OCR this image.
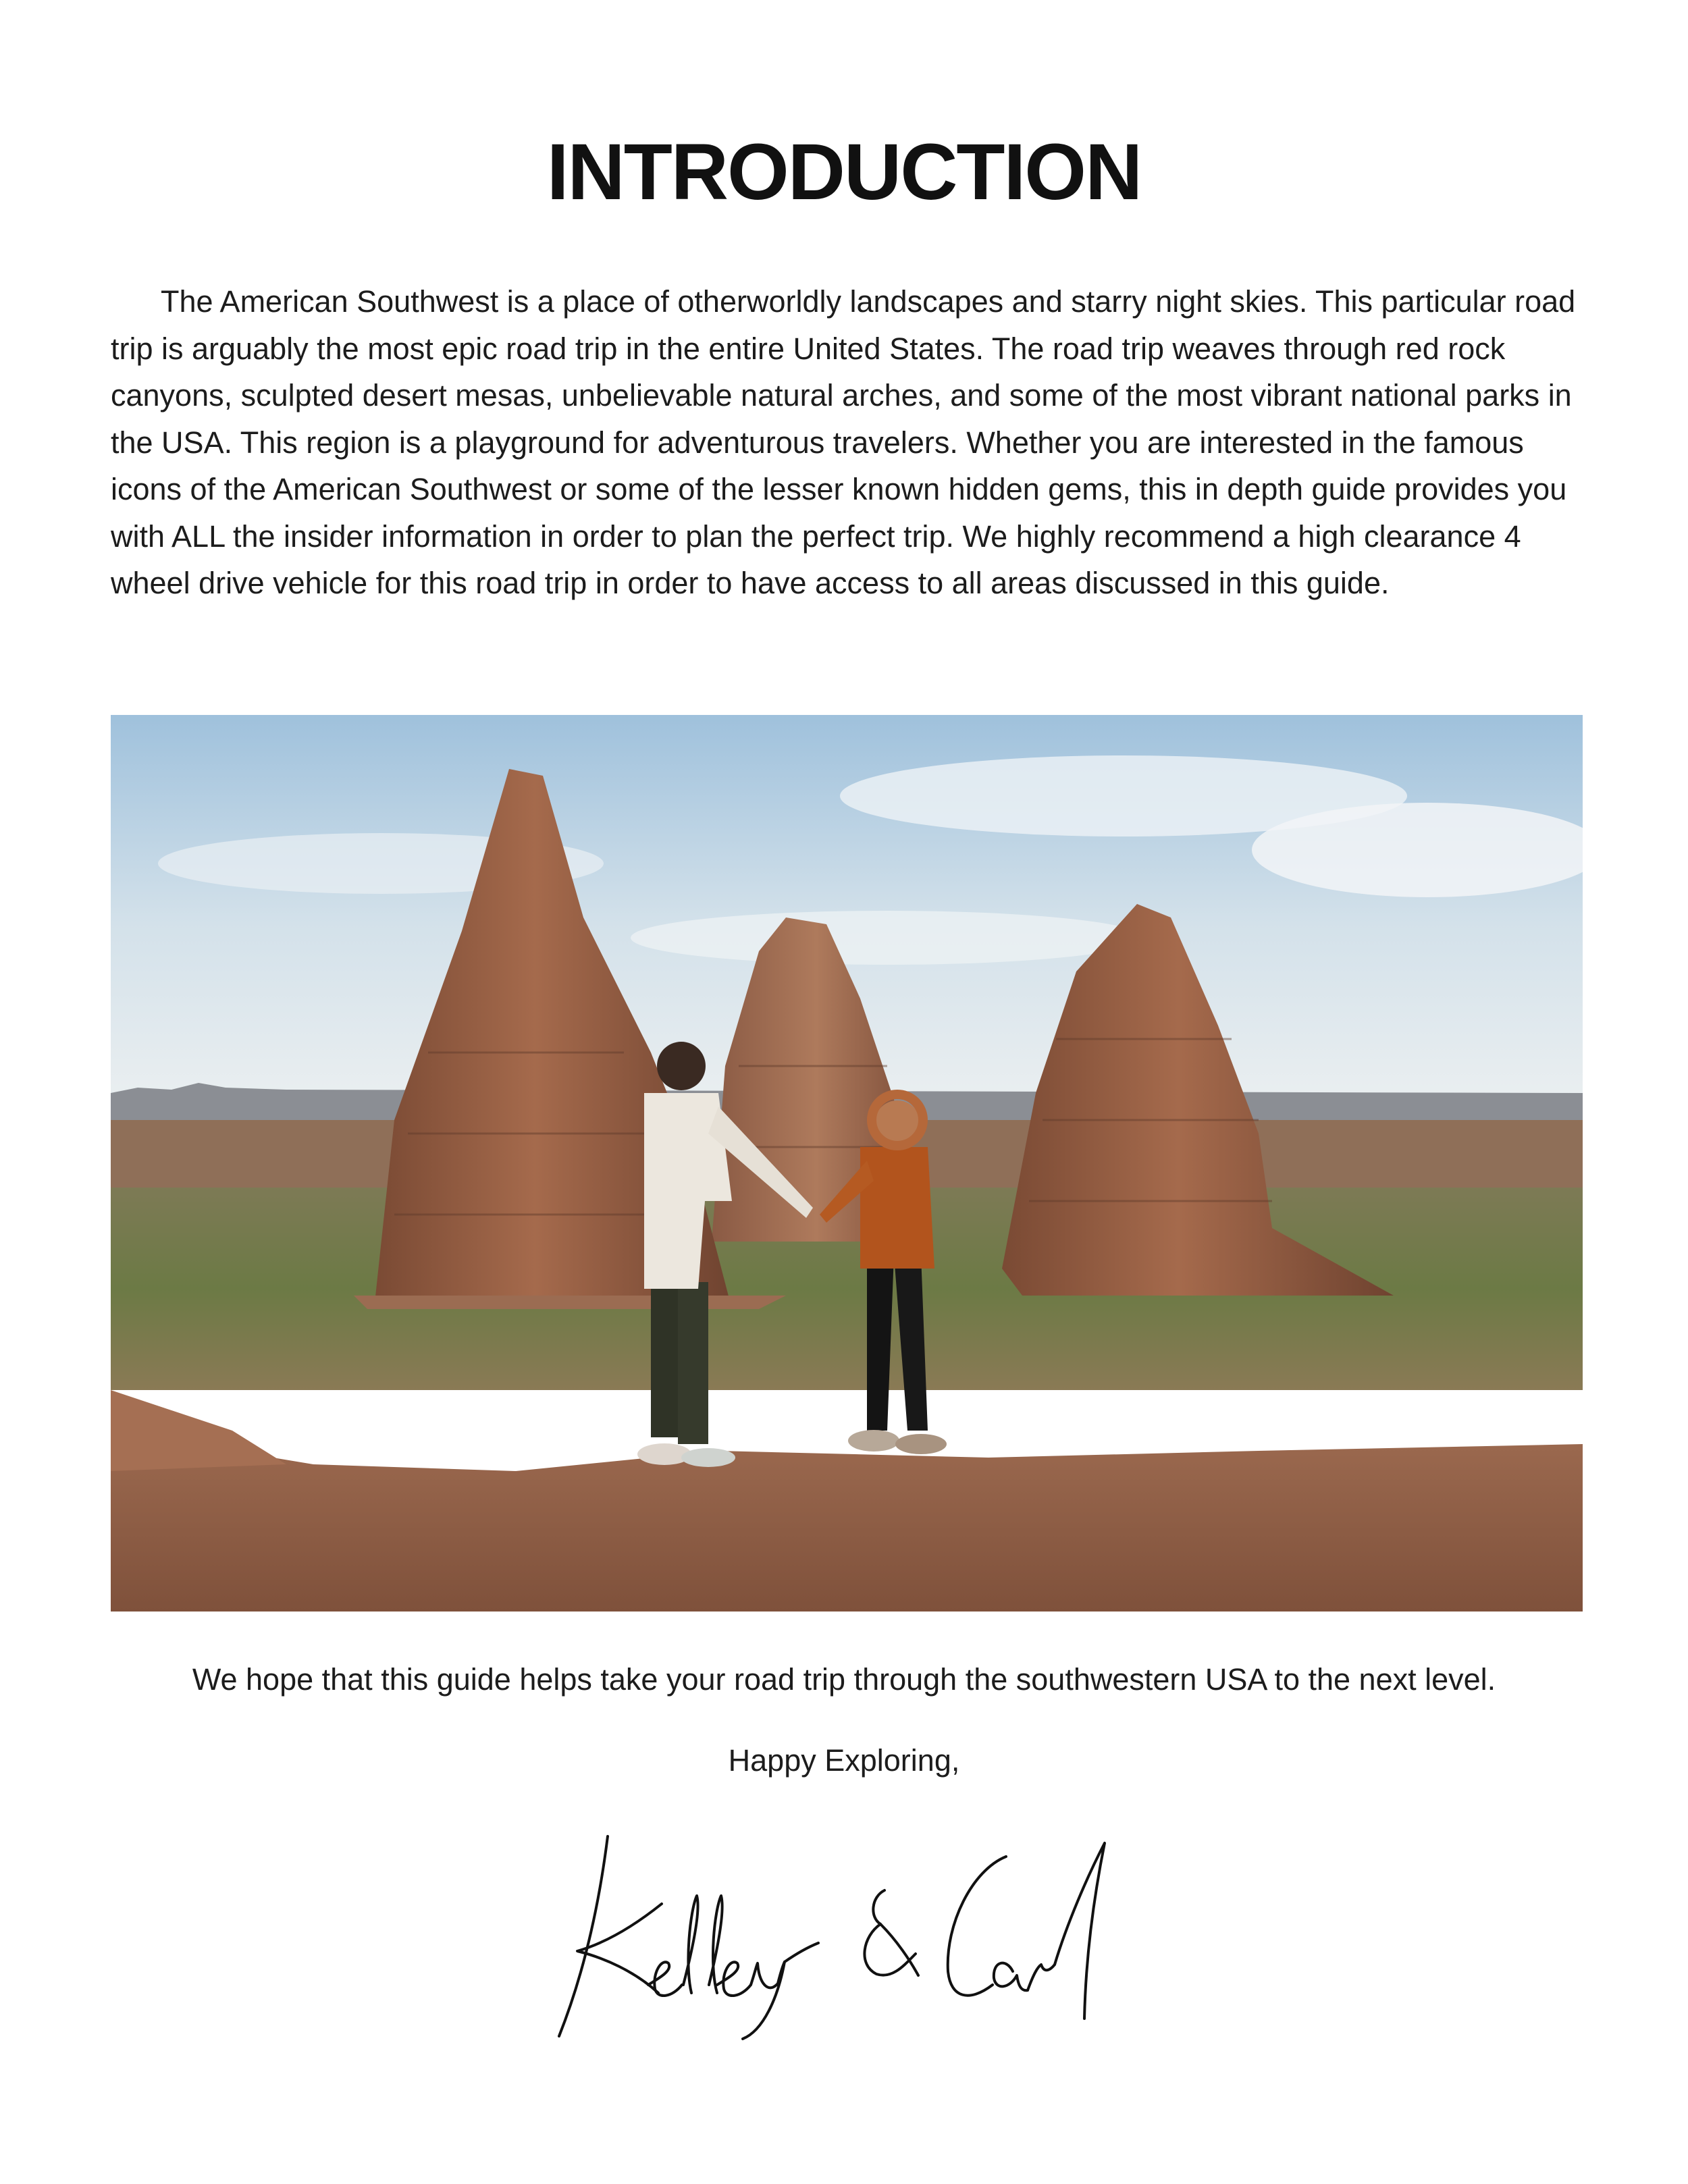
INTRODUCTION

The American Southwest is a place of otherworldly landscapes and starry night skies. This particular road trip is arguably the most epic road trip in the entire United States. The road trip weaves through red rock canyons, sculpted desert mesas, unbelievable natural arches, and some of the most vibrant national parks in the USA. This region is a playground for adventurous travelers. Whether you are interested in the famous icons of the American Southwest or some of the lesser known hidden gems, this in depth guide provides you with ALL the insider information in order to plan the perfect trip. We highly recommend a high clearance 4 wheel drive vehicle for this road trip in order to have access to all areas discussed in this guide.

We hope that this guide helps take your road trip through the southwestern USA to the next level.

Happy Exploring,
